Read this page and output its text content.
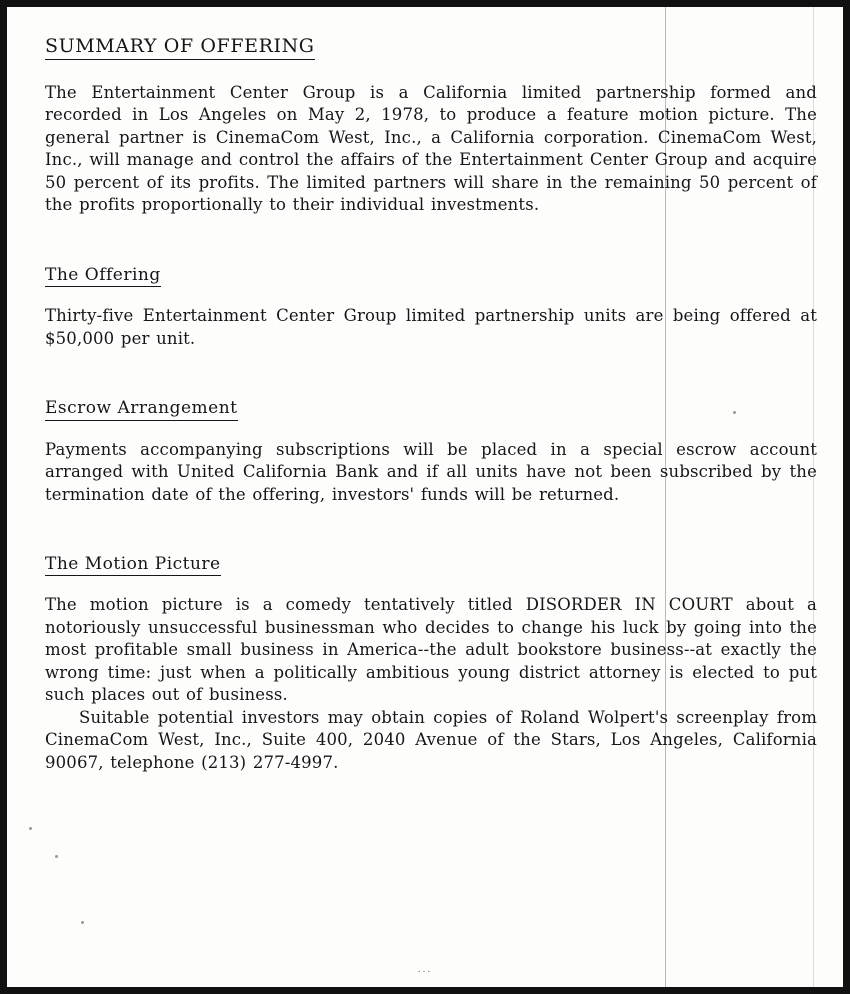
SUMMARY OF OFFERING

The Entertainment Center Group is a California limited partnership formed and recorded in Los Angeles on May 2, 1978, to produce a feature motion picture. The general partner is CinemaCom West, Inc., a California corporation. CinemaCom West, Inc., will manage and control the affairs of the Entertainment Center Group and acquire 50 percent of its profits. The limited partners will share in the remaining 50 percent of the profits proportionally to their individual investments.

The Offering

Thirty-five Entertainment Center Group limited partnership units are being offered at $50,000 per unit.

Escrow Arrangement

Payments accompanying subscriptions will be placed in a special escrow account arranged with United California Bank and if all units have not been subscribed by the termination date of the offering, investors' funds will be returned.

The Motion Picture

The motion picture is a comedy tentatively titled DISORDER IN COURT about a notoriously unsuccessful businessman who decides to change his luck by going into the most profitable small business in America--the adult bookstore business--at exactly the wrong time: just when a politically ambitious young district attorney is elected to put such places out of business.

Suitable potential investors may obtain copies of Roland Wolpert's screenplay from CinemaCom West, Inc., Suite 400, 2040 Avenue of the Stars, Los Angeles, California 90067, telephone (213) 277-4997.

...
